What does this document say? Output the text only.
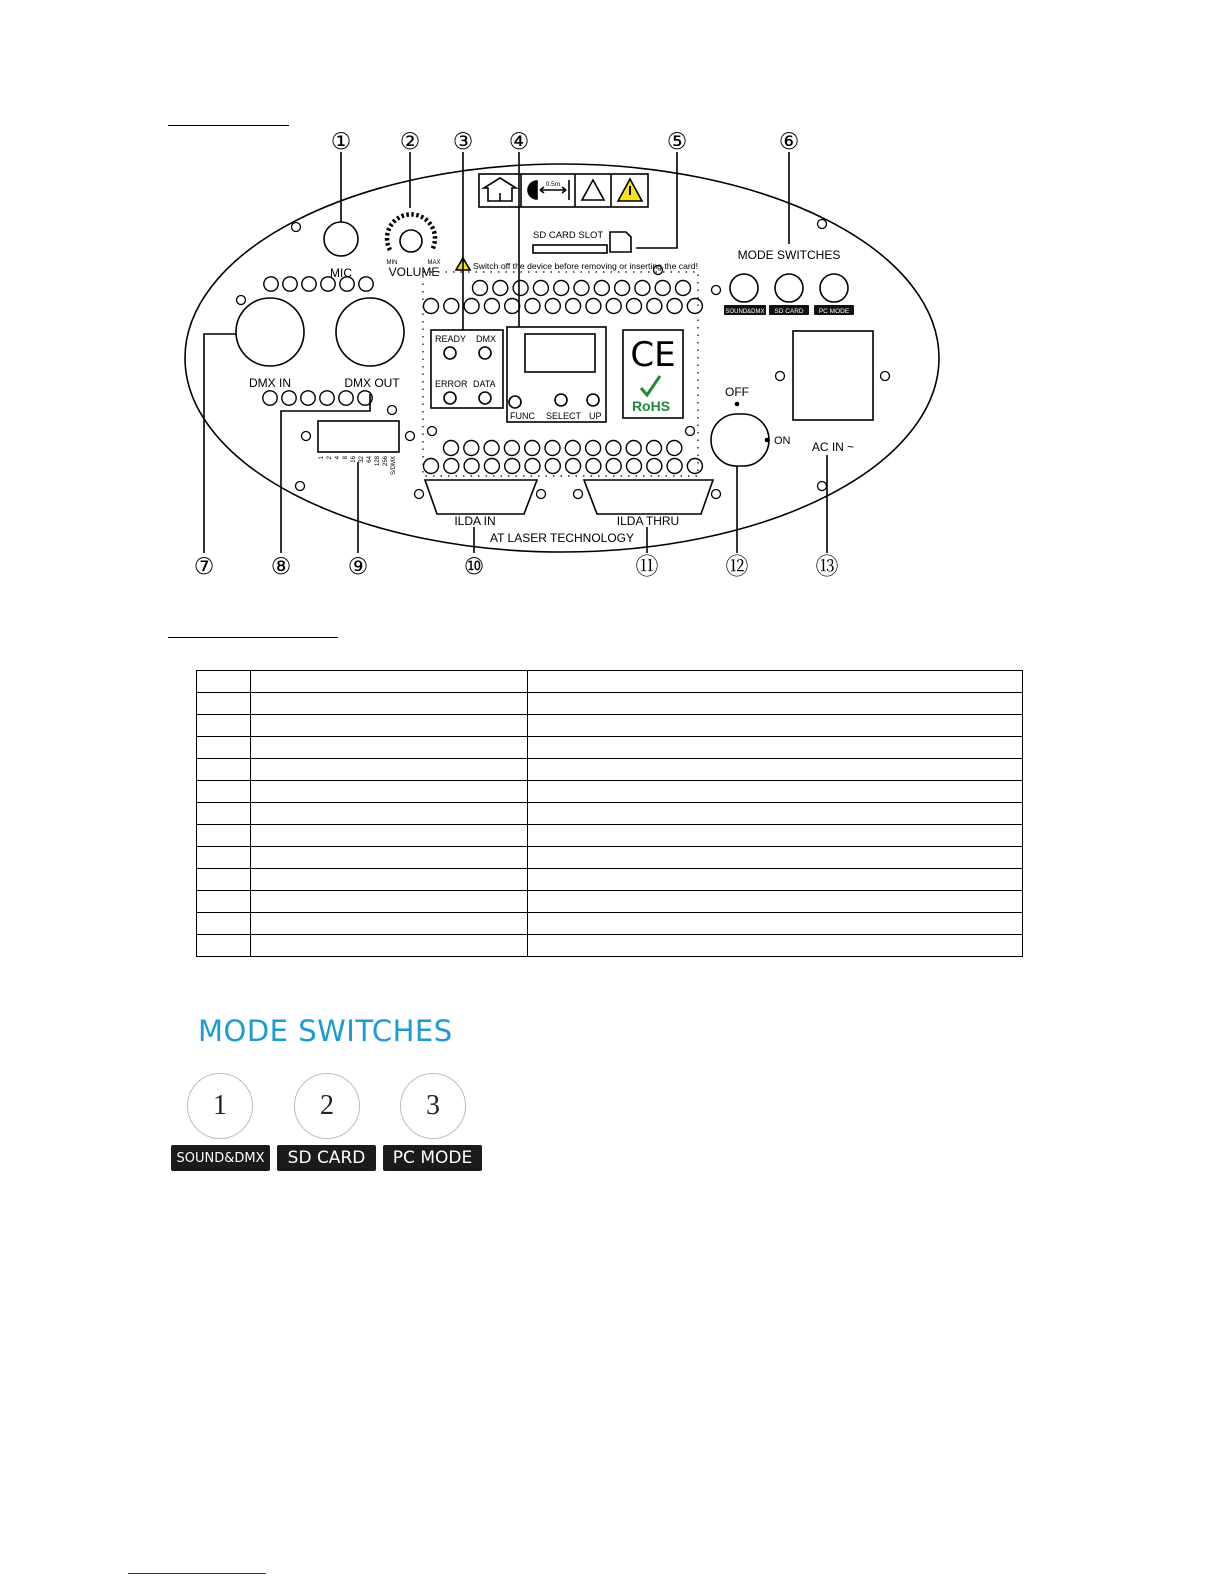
① ② ③ ④	⑤	⑥
⑦ ⑧ ⑨	⑩	⑪	⑫	⑬
MIC	VOLUME
MIN	MAX	Switch off the device before removing or inserting the card!
SD CARD SLOT
MODE SWITCHES
READY DMX
ERROR DATA
FUNC SELECT UP
CE
RoHS
DMX IN	DMX OUT
OFF
ON AC IN ~
ILDA IN	ILDA THRU
AT LASER TECHNOLOGY
0.5m
SOUND&DMX SD CARD PC MODE
1 2 4 8 16 32 64 128 256 S/DMX

MODE SWITCHES
1	2	3
SOUND&DMX	SD CARD	PC MODE
